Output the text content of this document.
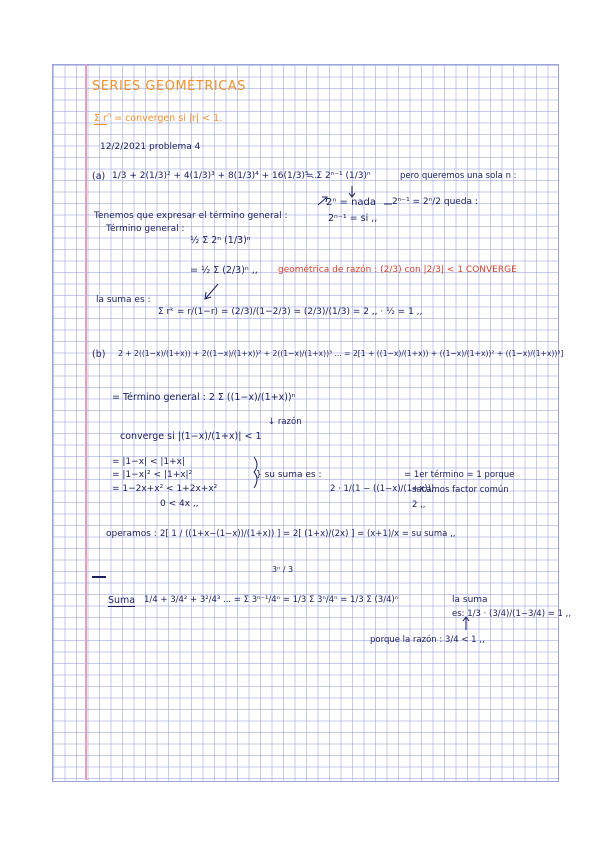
SERIES GEOMÉTRICAS
Σ $r^n$ = convergen si |r| < 1.
12/2/2021 problema 4
(a) 1/3 + 2(1/3)² + 4(1/3)³ + 8(1/3)⁴ + 16(1/3)⁵ ...
= Σ 2ⁿ⁻¹ (1/3)ⁿ	pero queremos una sola n :
2ⁿ = nada 2ⁿ⁻¹ = 2ⁿ/2 queda :
2ⁿ⁻¹ = si ,,
Tenemos que expresar el término general :
Término general :
½ Σ 2ⁿ (1/3)ⁿ
= ½ Σ (2/3)ⁿ ,, geométrica de razón : (2/3) con |2/3| < 1 CONVERGE
la suma es :
Σ rᵏ = r/(1−r) = (2/3)/(1−2/3) = (2/3)/(1/3) = 2 ,, · ½ = 1 ,,
(b) 2 + 2((1−x)/(1+x)) + 2((1−x)/(1+x))² + 2((1−x)/(1+x))³ ... = 2[1 + ((1−x)/(1+x)) + ((1−x)/(1+x))² + ((1−x)/(1+x))³]
= Término general : 2 Σ ((1−x)/(1+x))ⁿ
↓ razón
converge si |(1−x)/(1+x)| < 1
= |1−x| < |1+x|
= |1−x|² < |1+x|²
= 1−2x+x² < 1+2x+x²
0 < 4x ,,
} su suma es :
2 · 1/(1 − ((1−x)/(1+x)))
= 1er término = 1 porque
sacamos factor común
2 ,,
operamos : 2[ 1 / ((1+x−(1−x))/(1+x)) ] = 2[ (1+x)/(2x) ] = (x+1)/x = su suma ,,
3ⁿ / 3
Suma 1/4 + 3/4² + 3²/4³ ... = Σ 3ⁿ⁻¹/4ⁿ = 1/3 Σ 3ⁿ/4ⁿ = 1/3 Σ (3/4)ⁿ	la suma
es: 1/3 · (3/4)/(1−3/4) = 1 ,,
porque la razón : 3/4 < 1 ,,
